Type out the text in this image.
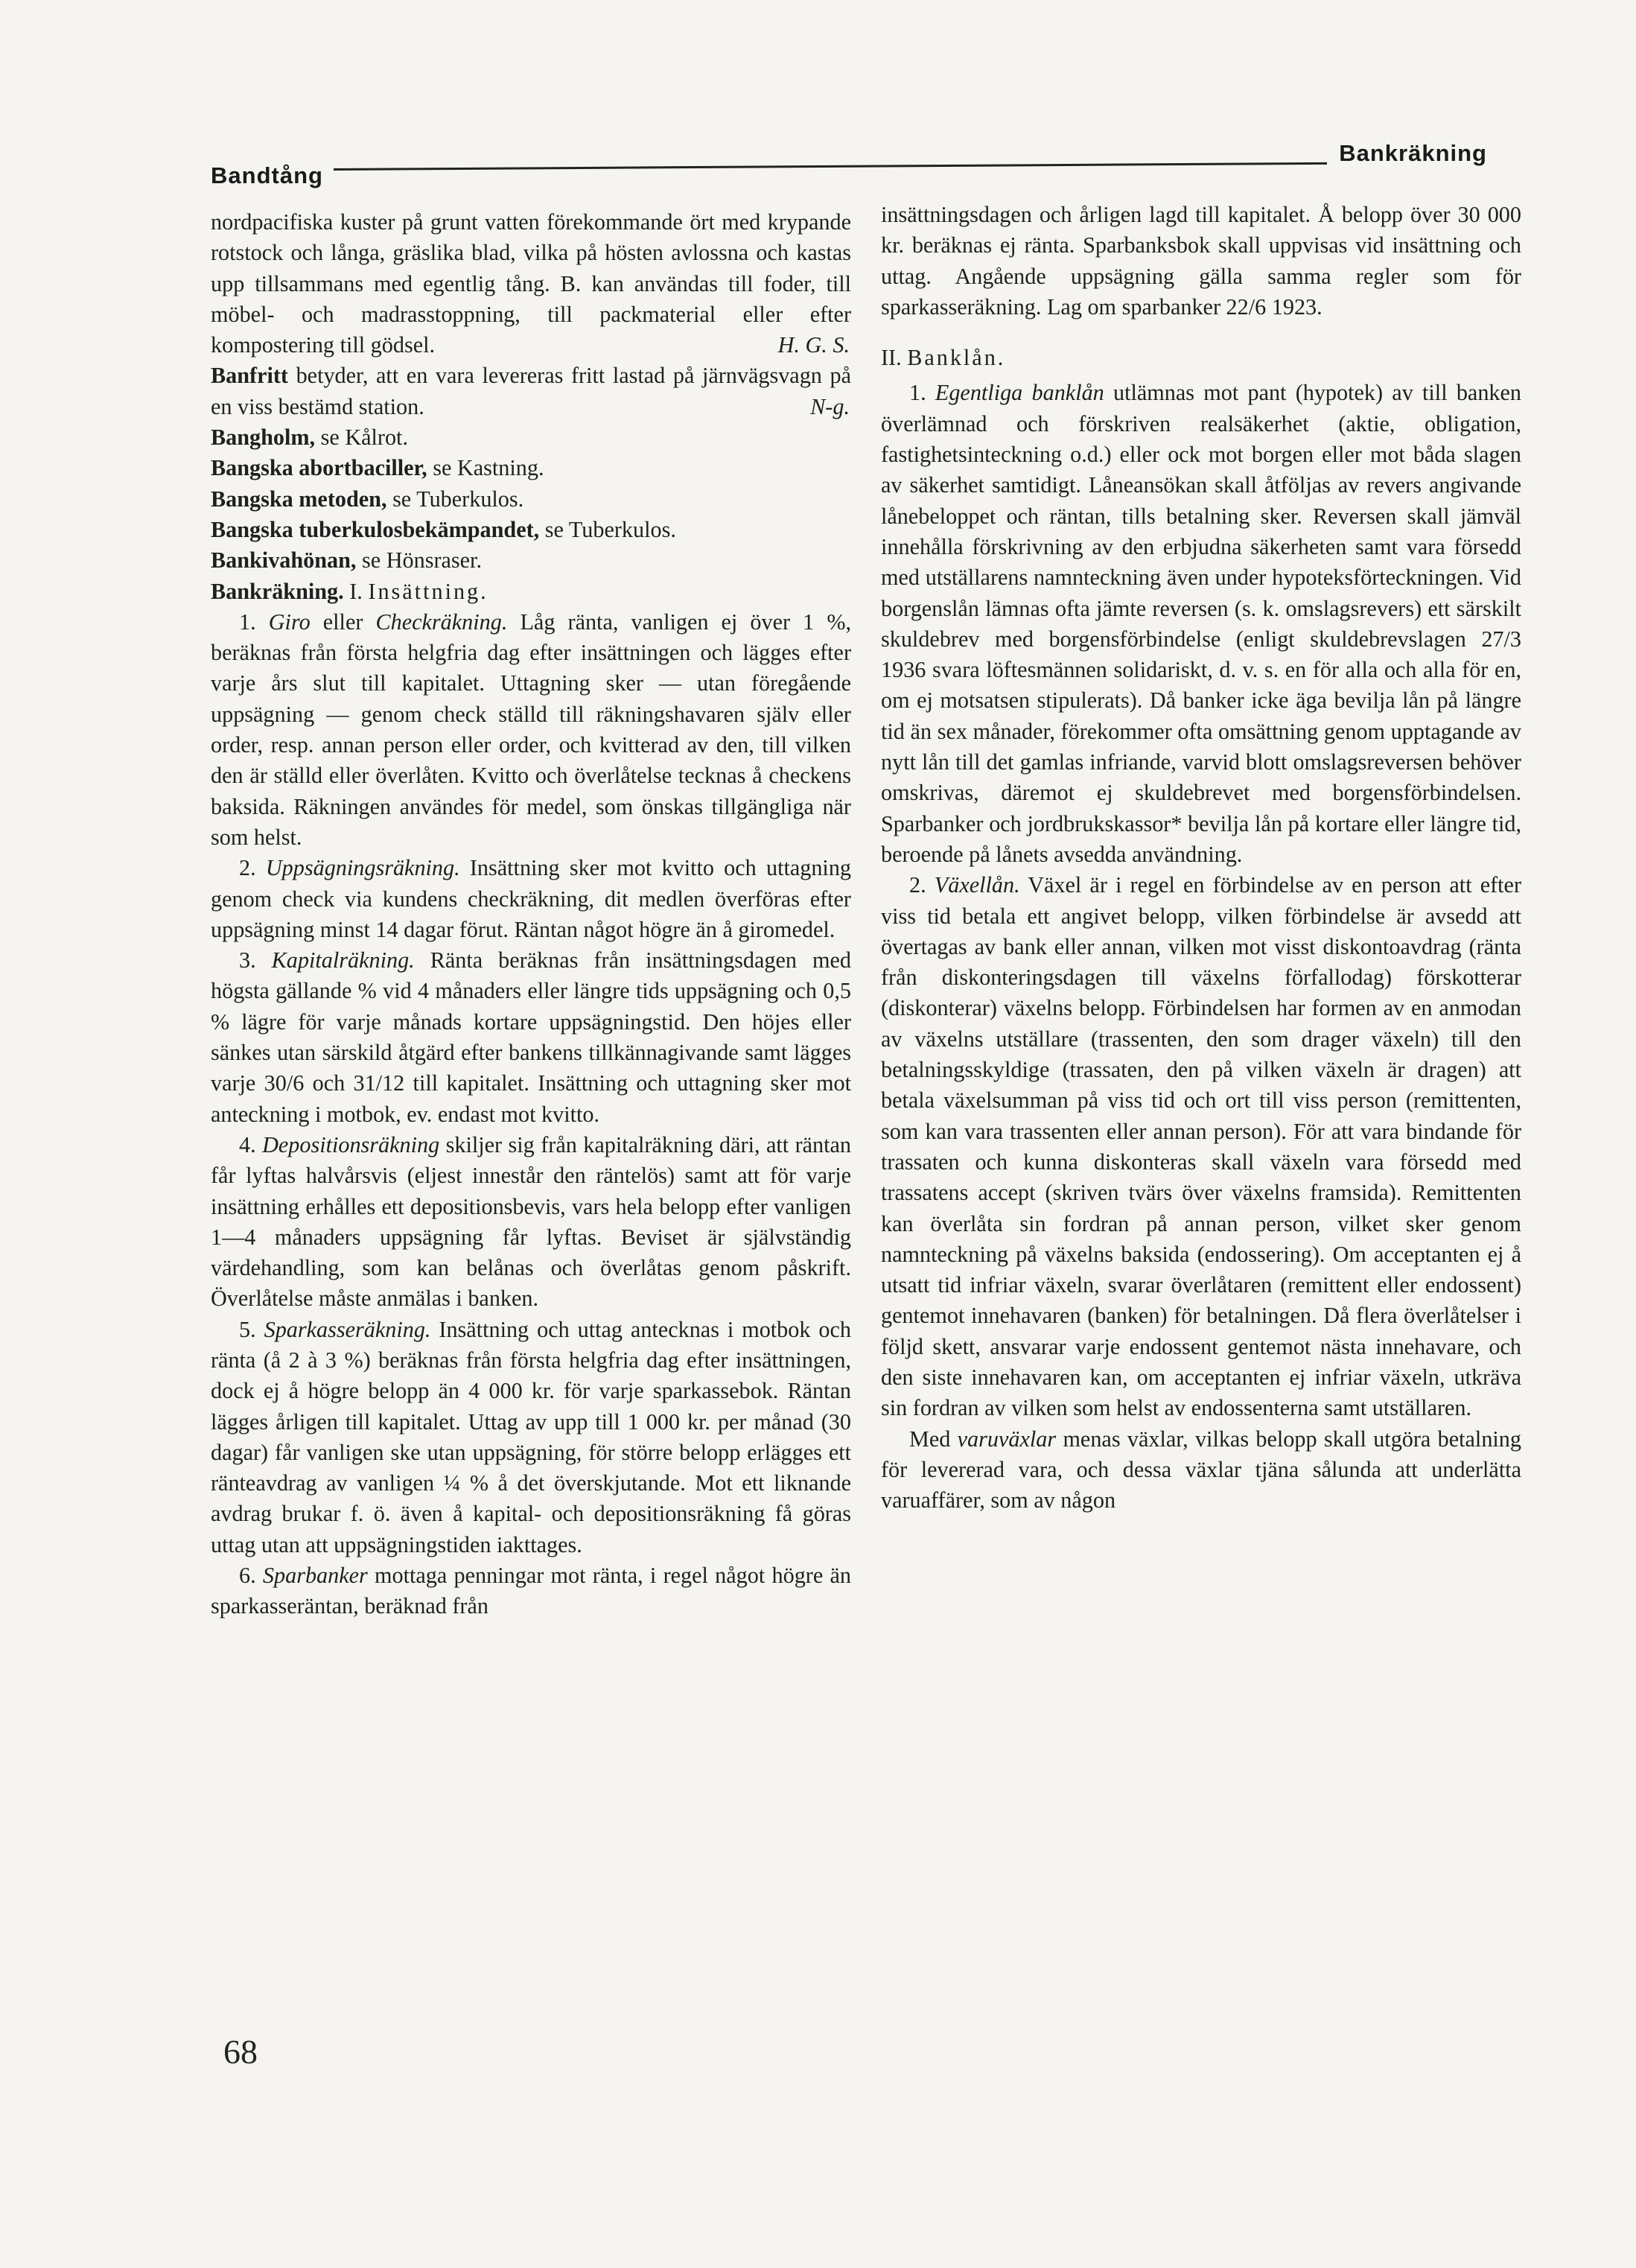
Bandtång
Bankräkning

nordpacifiska kuster på grunt vatten förekommande ört med krypande rotstock och långa, gräslika blad, vilka på hösten avlossna och kastas upp tillsammans med egentlig tång. B. kan användas till foder, till möbel- och madrasstoppning, till packmaterial eller efter kompostering till gödsel.	H. G. S.

Banfritt betyder, att en vara levereras fritt lastad på järnvägsvagn på en viss bestämd station.	N-g.

Bangholm, se Kålrot.

Bangska abortbaciller, se Kastning.

Bangska metoden, se Tuberkulos.

Bangska tuberkulosbekämpandet, se Tuberkulos.

Bankivahönan, se Hönsraser.

Bankräkning. I. Insättning.

1. Giro eller Checkräkning. Låg ränta, vanligen ej över 1 %, beräknas från första helgfria dag efter insättningen och lägges efter varje års slut till kapitalet. Uttagning sker — utan föregående uppsägning — genom check ställd till räkningshavaren själv eller order, resp. annan person eller order, och kvitterad av den, till vilken den är ställd eller överlåten. Kvitto och överlåtelse tecknas å checkens baksida. Räkningen användes för medel, som önskas tillgängliga när som helst.

2. Uppsägningsräkning. Insättning sker mot kvitto och uttagning genom check via kundens checkräkning, dit medlen överföras efter uppsägning minst 14 dagar förut. Räntan något högre än å giromedel.

3. Kapitalräkning. Ränta beräknas från insättningsdagen med högsta gällande % vid 4 månaders eller längre tids uppsägning och 0,5 % lägre för varje månads kortare uppsägningstid. Den höjes eller sänkes utan särskild åtgärd efter bankens tillkännagivande samt lägges varje 30/6 och 31/12 till kapitalet. Insättning och uttagning sker mot anteckning i motbok, ev. endast mot kvitto.

4. Depositionsräkning skiljer sig från kapitalräkning däri, att räntan får lyftas halvårsvis (eljest innestår den räntelös) samt att för varje insättning erhålles ett depositionsbevis, vars hela belopp efter vanligen 1—4 månaders uppsägning får lyftas. Beviset är självständig värdehandling, som kan belånas och överlåtas genom påskrift. Överlåtelse måste anmälas i banken.

5. Sparkasseräkning. Insättning och uttag antecknas i motbok och ränta (å 2 à 3 %) beräknas från första helgfria dag efter insättningen, dock ej å högre belopp än 4 000 kr. för varje sparkassebok. Räntan lägges årligen till kapitalet. Uttag av upp till 1 000 kr. per månad (30 dagar) får vanligen ske utan uppsägning, för större belopp erlägges ett ränteavdrag av vanligen ¼ % å det överskjutande. Mot ett liknande avdrag brukar f. ö. även å kapital- och depositionsräkning få göras uttag utan att uppsägningstiden iakttages.

6. Sparbanker mottaga penningar mot ränta, i regel något högre än sparkasseräntan, beräknad från

insättningsdagen och årligen lagd till kapitalet. Å belopp över 30 000 kr. beräknas ej ränta. Sparbanksbok skall uppvisas vid insättning och uttag. Angående uppsägning gälla samma regler som för sparkasseräkning. Lag om sparbanker 22/6 1923.

II. Banklån.

1. Egentliga banklån utlämnas mot pant (hypotek) av till banken överlämnad och förskriven realsäkerhet (aktie, obligation, fastighetsinteckning o.d.) eller ock mot borgen eller mot båda slagen av säkerhet samtidigt. Låneansökan skall åtföljas av revers angivande lånebeloppet och räntan, tills betalning sker. Reversen skall jämväl innehålla förskrivning av den erbjudna säkerheten samt vara försedd med utställarens namnteckning även under hypoteksförteckningen. Vid borgenslån lämnas ofta jämte reversen (s. k. omslagsrevers) ett särskilt skuldebrev med borgensförbindelse (enligt skuldebrevslagen 27/3 1936 svara löftesmännen solidariskt, d. v. s. en för alla och alla för en, om ej motsatsen stipulerats). Då banker icke äga bevilja lån på längre tid än sex månader, förekommer ofta omsättning genom upptagande av nytt lån till det gamlas infriande, varvid blott omslagsreversen behöver omskrivas, däremot ej skuldebrevet med borgensförbindelsen. Sparbanker och jordbrukskassor* bevilja lån på kortare eller längre tid, beroende på lånets avsedda användning.

2. Växellån. Växel är i regel en förbindelse av en person att efter viss tid betala ett angivet belopp, vilken förbindelse är avsedd att övertagas av bank eller annan, vilken mot visst diskontoavdrag (ränta från diskonteringsdagen till växelns förfallodag) förskotterar (diskonterar) växelns belopp. Förbindelsen har formen av en anmodan av växelns utställare (trassenten, den som drager växeln) till den betalningsskyldige (trassaten, den på vilken växeln är dragen) att betala växelsumman på viss tid och ort till viss person (remittenten, som kan vara trassenten eller annan person). För att vara bindande för trassaten och kunna diskonteras skall växeln vara försedd med trassatens accept (skriven tvärs över växelns framsida). Remittenten kan överlåta sin fordran på annan person, vilket sker genom namnteckning på växelns baksida (endossering). Om acceptanten ej å utsatt tid infriar växeln, svarar överlåtaren (remittent eller endossent) gentemot innehavaren (banken) för betalningen. Då flera överlåtelser i följd skett, ansvarar varje endossent gentemot nästa innehavare, och den siste innehavaren kan, om acceptanten ej infriar växeln, utkräva sin fordran av vilken som helst av endossenterna samt utställaren.

Med varuväxlar menas växlar, vilkas belopp skall utgöra betalning för levererad vara, och dessa växlar tjäna sålunda att underlätta varuaffärer, som av någon

68
